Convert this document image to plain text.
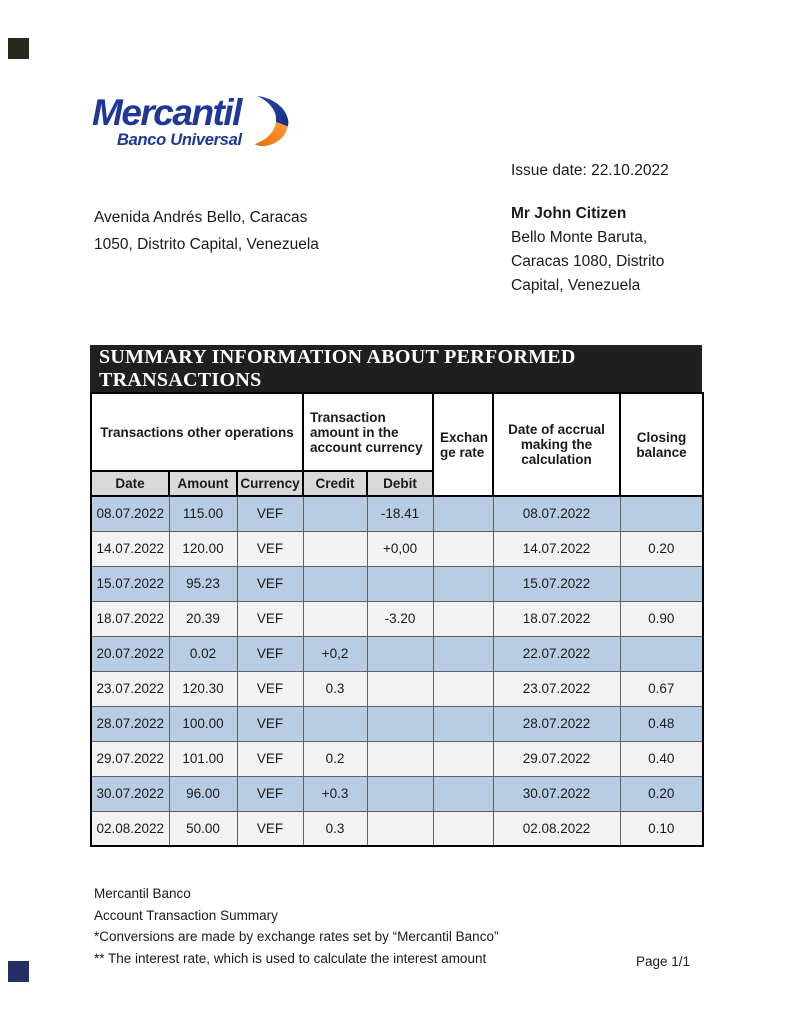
Mercantil
Banco Universal
Issue date: 22.10.2022
Avenida Andrés Bello, Caracas
1050, Distrito Capital, Venezuela
Mr John Citizen
Bello Monte Baruta,
Caracas 1080, Distrito
Capital, Venezuela
SUMMARY INFORMATION ABOUT PERFORMED TRANSACTIONS
Transactions other operations			Transaction amount in the account currency		Exchan ge rate	Date of accrual making the calculation	Closing balance
Date	Amount	Currency	Credit	Debit			
08.07.2022	115.00	VEF		-18.41		08.07.2022	
14.07.2022	120.00	VEF		+0,00		14.07.2022	0.20
15.07.2022	95.23	VEF				15.07.2022	
18.07.2022	20.39	VEF		-3.20		18.07.2022	0.90
20.07.2022	0.02	VEF	+0,2			22.07.2022	
23.07.2022	120.30	VEF	0.3			23.07.2022	0.67
28.07.2022	100.00	VEF				28.07.2022	0.48
29.07.2022	101.00	VEF	0.2			29.07.2022	0.40
30.07.2022	96.00	VEF	+0.3			30.07.2022	0.20
02.08.2022	50.00	VEF	0.3			02.08.2022	0.10
Mercantil Banco
Account Transaction Summary
*Conversions are made by exchange rates set by “Mercantil Banco”
** The interest rate, which is used to calculate the interest amount	Page 1/1
